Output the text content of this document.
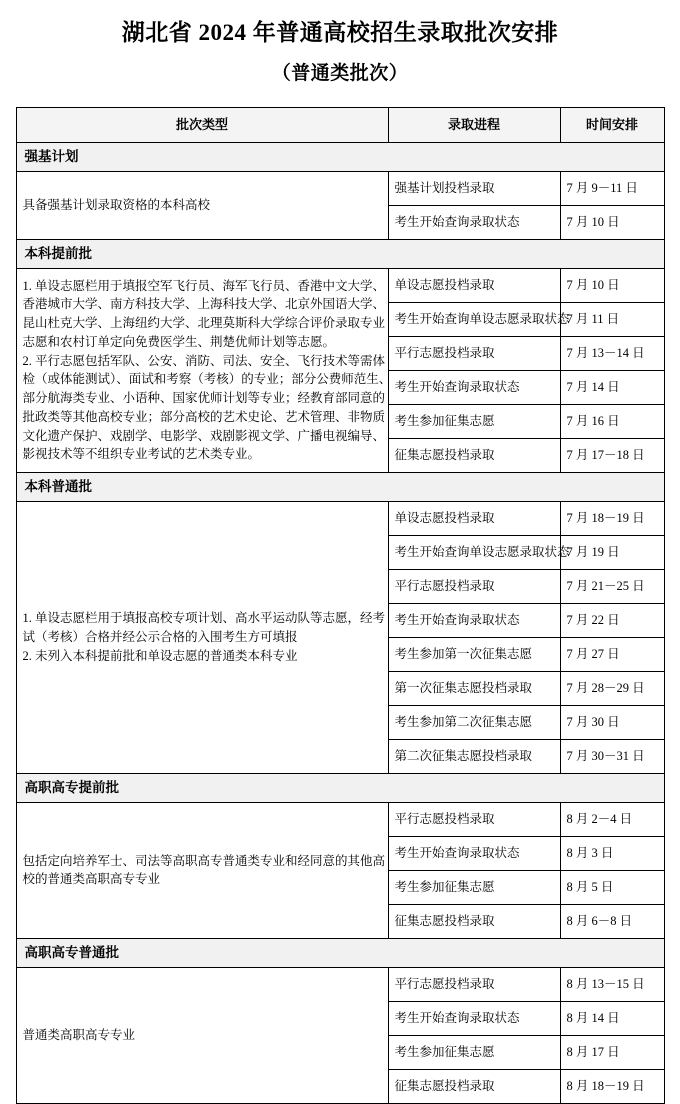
湖北省 2024 年普通高校招生录取批次安排
（普通类批次）
批次类型	录取进程	时间安排
强基计划		

具备强基计划录取资格的本科高校	强基计划投档录取	7 月 9－11 日
	考生开始查询录取状态	7 月 10 日
本科提前批		

1. 单设志愿栏用于填报空军飞行员、海军飞行员、香港中文大学、
香港城市大学、南方科技大学、上海科技大学、北京外国语大学、
昆山杜克大学、上海纽约大学、北理莫斯科大学综合评价录取专业
志愿和农村订单定向免费医学生、荆楚优师计划等志愿。
2. 平行志愿包括军队、公安、消防、司法、安全、飞行技术等需体
检（或体能测试）、面试和考察（考核）的专业；部分公费师范生、
部分航海类专业、小语种、国家优师计划等专业；经教育部同意的
批政类等其他高校专业；部分高校的艺术史论、艺术管理、非物质
文化遗产保护、戏剧学、电影学、戏剧影视文学、广播电视编导、
影视技术等不组织专业考试的艺术类专业。
	单设志愿投档录取	7 月 10 日
	考生开始查询单设志愿录取状态	7 月 11 日
	平行志愿投档录取	7 月 13－14 日
	考生开始查询录取状态	7 月 14 日
	考生参加征集志愿	7 月 16 日
	征集志愿投档录取	7 月 17－18 日
本科普通批		

1. 单设志愿栏用于填报高校专项计划、高水平运动队等志愿，经考
试（考核）合格并经公示合格的入围考生方可填报
2. 未列入本科提前批和单设志愿的普通类本科专业	单设志愿投档录取	7 月 18－19 日
	考生开始查询单设志愿录取状态	7 月 19 日
	平行志愿投档录取	7 月 21－25 日
	考生开始查询录取状态	7 月 22 日
	考生参加第一次征集志愿	7 月 27 日
	第一次征集志愿投档录取	7 月 28－29 日
	考生参加第二次征集志愿	7 月 30 日
	第二次征集志愿投档录取	7 月 30－31 日
高职高专提前批		

包括定向培养军士、司法等高职高专普通类专业和经同意的其他高
校的普通类高职高专专业	平行志愿投档录取	8 月 2－4 日
	考生开始查询录取状态	8 月 3 日
	考生参加征集志愿	8 月 5 日
	征集志愿投档录取	8 月 6－8 日
高职高专普通批		

普通类高职高专专业	平行志愿投档录取	8 月 13－15 日
	考生开始查询录取状态	8 月 14 日
	考生参加征集志愿	8 月 17 日
	征集志愿投档录取	8 月 18－19 日
